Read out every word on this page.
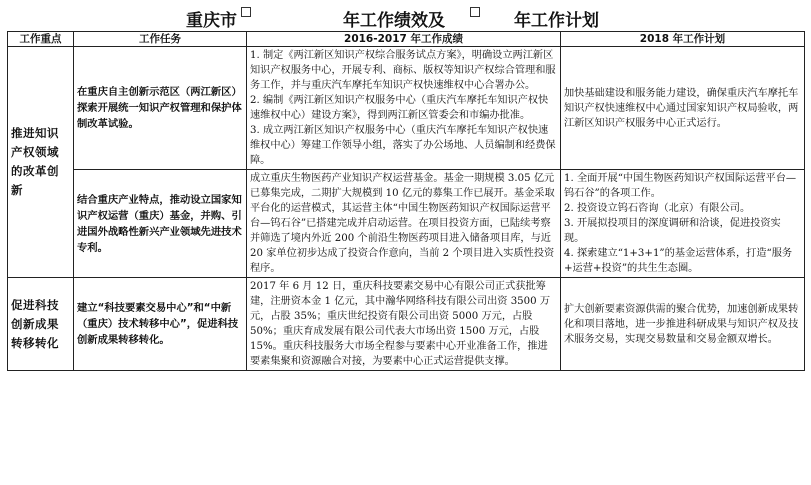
重庆市	年工作绩效及	年工作计划
工作重点	工作任务	2016-2017 年工作成绩	2018 年工作计划
推进知识产权领域的改革创新	在重庆自主创新示范区（两江新区）探索开展统一知识产权管理和保护体制改革试验。	1. 制定《两江新区知识产权综合服务试点方案》，明确设立两江新区知识产权服务中心，开展专利、商标、版权等知识产权综合管理和服务工作，并与重庆汽车摩托车知识产权快速维权中心合署办公。

2. 编制《两江新区知识产权服务中心（重庆汽车摩托车知识产权快速维权中心）建设方案》，得到两江新区管委会和市编办批准。

3. 成立两江新区知识产权服务中心（重庆汽车摩托车知识产权快速维权中心）筹建工作领导小组，落实了办公场地、人员编制和经费保障。	加快基础建设和服务能力建设，确保重庆汽车摩托车知识产权快速维权中心通过国家知识产权局验收，两江新区知识产权服务中心正式运行。
	结合重庆产业特点，推动设立国家知识产权运营（重庆）基金，并购、引进国外战略性新兴产业领域先进技术专利。	成立重庆生物医药产业知识产权运营基金。基金一期规模 3.05 亿元已募集完成，二期扩大规模到 10 亿元的募集工作已展开。基金采取平台化的运营模式，其运营主体“中国生物医药知识产权国际运营平台—钨石谷”已搭建完成并启动运营。在项目投资方面，已陆续考察并筛选了境内外近 200 个前沿生物医药项目进入储备项目库，与近 20 家单位初步达成了投资合作意向，当前 2 个项目进入实质性投资程序。	1. 全面开展“中国生物医药知识产权国际运营平台—钨石谷”的各项工作。

2. 投资设立钨石咨询（北京）有限公司。

3. 开展拟投项目的深度调研和洽谈，促进投资实现。

4. 探索建立“1+3+1”的基金运营体系，打造“服务+运营+投资”的共生生态圈。

促进科技创新成果转移转化	建立“科技要素交易中心”和“中新（重庆）技术转移中心”，促进科技创新成果转移转化。	2017 年 6 月 12 日，重庆科技要素交易中心有限公司正式获批筹建，注册资本金 1 亿元，其中瀚华网络科技有限公司出资 3500 万元，占股 35%；重庆世纪投资有限公司出资 5000 万元，占股 50%；重庆育成发展有限公司代表大市场出资 1500 万元，占股 15%。重庆科技服务大市场全程参与要素中心开业准备工作，推进要素集聚和资源融合对接，为要素中心正式运营提供支撑。	扩大创新要素资源供需的聚合优势，加速创新成果转化和项目落地，进一步推进科研成果与知识产权及技术服务交易，实现交易数量和交易金额双增长。
